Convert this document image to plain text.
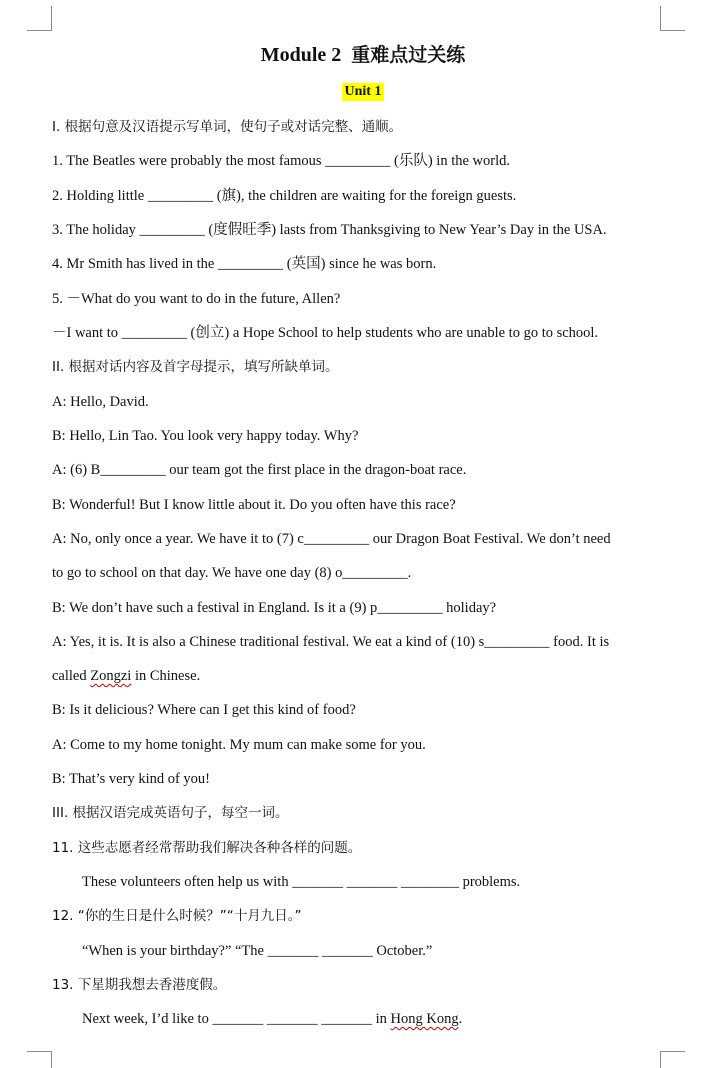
Module 2 重难点过关练
Unit 1
I. 根据句意及汉语提示写单词，使句子或对话完整、通顺。
1. The Beatles were probably the most famous _________ (乐队) in the world.
2. Holding little _________ (旗), the children are waiting for the foreign guests.
3. The holiday _________ (度假旺季) lasts from Thanksgiving to New Year’s Day in the USA.
4. Mr Smith has lived in the _________ (英国) since he was born.
5. －What do you want to do in the future, Allen?
－I want to _________ (创立) a Hope School to help students who are unable to go to school.
II. 根据对话内容及首字母提示，填写所缺单词。
A: Hello, David.
B: Hello, Lin Tao. You look very happy today. Why?
A: (6) B_________ our team got the first place in the dragon-boat race.
B: Wonderful! But I know little about it. Do you often have this race?
A: No, only once a year. We have it to (7) c_________ our Dragon Boat Festival. We don’t need
to go to school on that day. We have one day (8) o_________.
B: We don’t have such a festival in England. Is it a (9) p_________ holiday?
A: Yes, it is. It is also a Chinese traditional festival. We eat a kind of (10) s_________ food. It is
called Zongzi in Chinese.
B: Is it delicious? Where can I get this kind of food?
A: Come to my home tonight. My mum can make some for you.
B: That’s very kind of you!
III. 根据汉语完成英语句子，每空一词。
11. 这些志愿者经常帮助我们解决各种各样的问题。
These volunteers often help us with _______ _______ ________ problems.
12. “你的生日是什么时候？”“十月九日。”
“When is your birthday?” “The _______ _______ October.”
13. 下星期我想去香港度假。
Next week, I’d like to _______ _______ _______ in Hong Kong.
